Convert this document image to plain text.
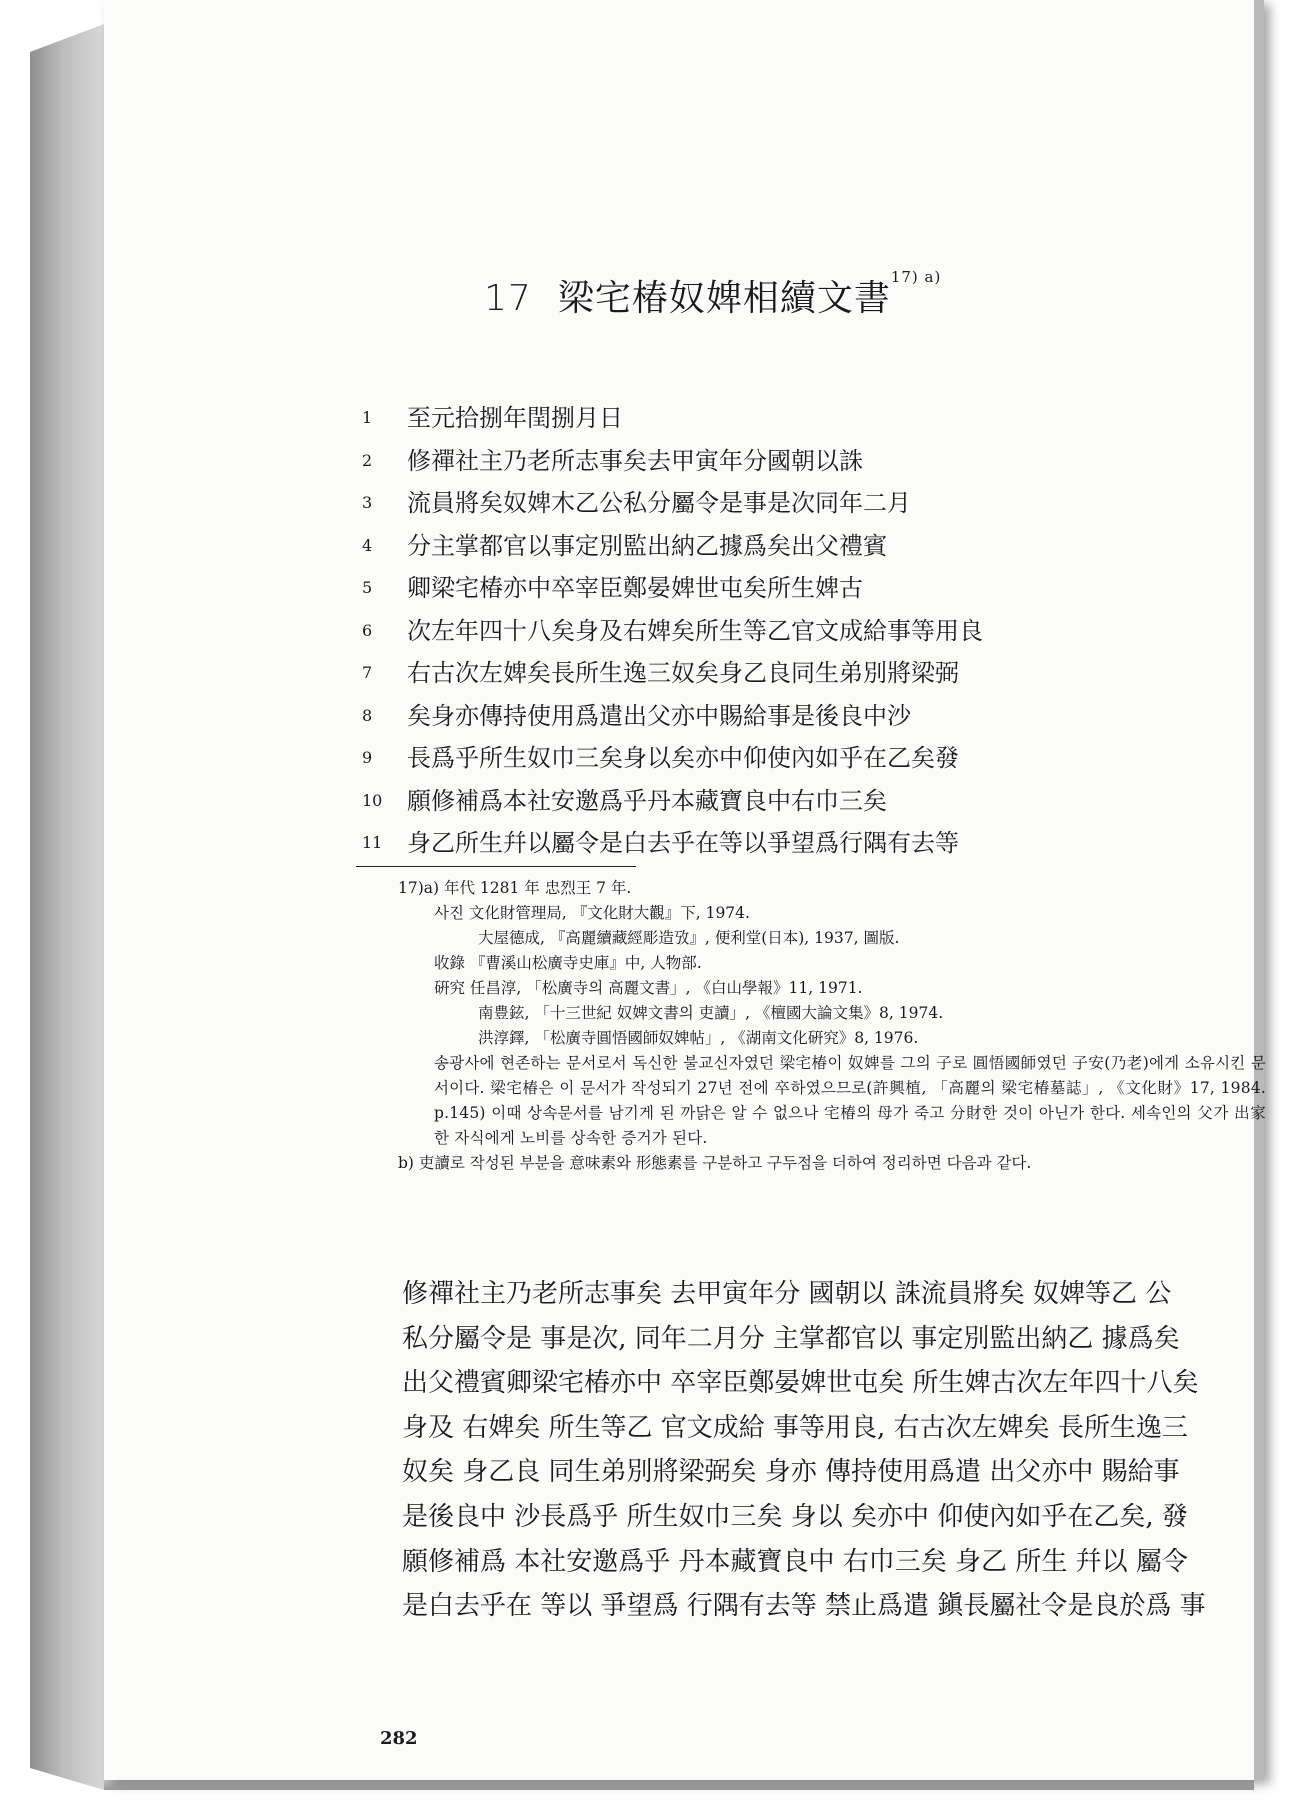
17 梁宅椿奴婢相續文書$^{17) a)}$
1 至元拾捌年閏捌月日
2 修禪社主乃老所志事矣去甲寅年分國朝以誅
3 流員將矣奴婢木乙公私分屬令是事是次同年二月
4 分主掌都官以事定別監出納乙據爲矣出父禮賓
5 卿梁宅椿亦中卒宰臣鄭晏婢世屯矣所生婢古
6 次左年四十八矣身及右婢矣所生等乙官文成給事等用良
7 右古次左婢矣長所生逸三奴矣身乙良同生弟別將梁弼
8 矣身亦傳持使用爲遣出父亦中賜給事是後良中沙
9 長爲乎所生奴巾三矣身以矣亦中仰使內如乎在乙矣發
10 願修補爲本社安邀爲乎丹本藏寶良中右巾三矣
11 身乙所生幷以屬令是白去乎在等以爭望爲行隅有去等

17)a) 年代 1281 年 忠烈王 7 年.

사진 文化財管理局, 『文化財大觀』下, 1974.

大屋德成, 『高麗續藏經彫造攷』, 便利堂(日本), 1937, 圖版.

收錄 『曹溪山松廣寺史庫』中, 人物部.

硏究 任昌淳, 「松廣寺의 高麗文書」, 《白山學報》11, 1971.

南豊鉉, 「十三世紀 奴婢文書의 吏讀」, 《檀國大論文集》8, 1974.

洪淳鐸, 「松廣寺圓悟國師奴婢帖」, 《湖南文化硏究》8, 1976.

송광사에 현존하는 문서로서 독신한 불교신자였던 梁宅椿이 奴婢를 그의 子로 圓悟國師였던 子安(乃老)에게 소유시킨 문서이다. 梁宅椿은 이 문서가 작성되기 27년 전에 卒하였으므로(許興植, 「高麗의 梁宅椿墓誌」, 《文化財》17, 1984. p.145) 이때 상속문서를 남기게 된 까닭은 알 수 없으나 宅椿의 母가 죽고 分財한 것이 아닌가 한다. 세속인의 父가 出家한 자식에게 노비를 상속한 증거가 된다.

b) 吏讀로 작성된 부분을 意味素와 形態素를 구분하고 구두점을 더하여 정리하면 다음과 같다.

修禪社主乃老所志事矣 去甲寅年分 國朝以 誅流員將矣 奴婢等乙 公

私分屬令是 事是次, 同年二月分 主掌都官以 事定別監出納乙 據爲矣

出父禮賓卿梁宅椿亦中 卒宰臣鄭晏婢世屯矣 所生婢古次左年四十八矣

身及 右婢矣 所生等乙 官文成給 事等用良, 右古次左婢矣 長所生逸三

奴矣 身乙良 同生弟別將梁弼矣 身亦 傳持使用爲遣 出父亦中 賜給事

是後良中 沙長爲乎 所生奴巾三矣 身以 矣亦中 仰使內如乎在乙矣, 發

願修補爲 本社安邀爲乎 丹本藏寶良中 右巾三矣 身乙 所生 幷以 屬令

是白去乎在 等以 爭望爲 行隅有去等 禁止爲遣 鎭長屬社令是良於爲 事

282
